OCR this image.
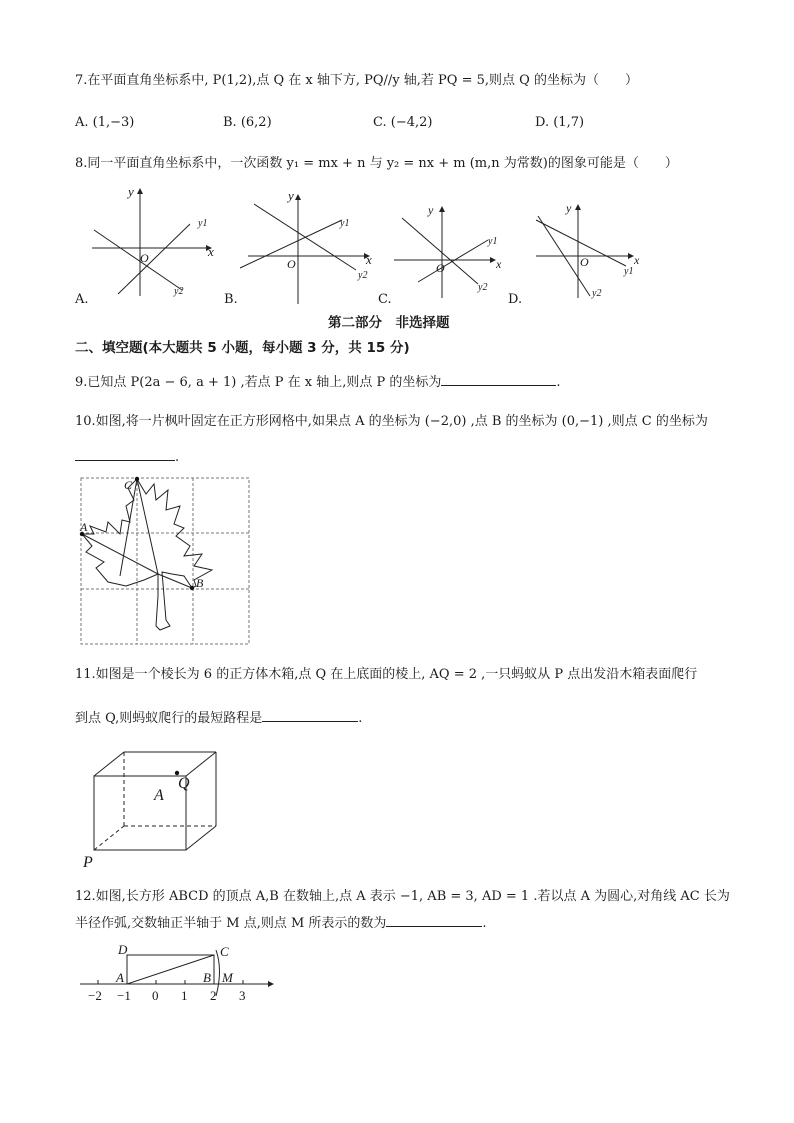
7.在平面直角坐标系中, P(1,2),点 Q 在 x 轴下方, PQ//y 轴,若 PQ = 5,则点 Q 的坐标为（　　）
A. (1,−3)	B. (6,2)	C. (−4,2)	D. (1,7)
8.同一平面直角坐标系中，一次函数 y₁ = mx + n 与 y₂ = nx + m (m,n 为常数)的图象可能是（　　）
x
y
O
y1
y2
A.
x
y
O
y1
y2
B.
x
y
O
y1
y2
C.
x
y
O
y1
y2
D.
第二部分　非选择题
二、填空题(本大题共 5 小题，每小题 3 分，共 15 分)
9.已知点 P(2a − 6, a + 1) ,若点 P 在 x 轴上,则点 P 的坐标为	.
10.如图,将一片枫叶固定在正方形网格中,如果点 A 的坐标为 (−2,0) ,点 B 的坐标为 (0,−1) ,则点 C 的坐标为
.
A
B
C
11.如图是一个棱长为 6 的正方体木箱,点 Q 在上底面的棱上, AQ = 2 ,一只蚂蚁从 P 点出发沿木箱表面爬行
到点 Q,则蚂蚁爬行的最短路程是	.
A
Q
P
12.如图,长方形 ABCD 的顶点 A,B 在数轴上,点 A 表示 −1, AB = 3, AD = 1 .若以点 A 为圆心,对角线 AC 长为
半径作弧,交数轴正半轴于 M 点,则点 M 所表示的数为	.
D
A
C
B M
−2 −1 0 1 2 3
